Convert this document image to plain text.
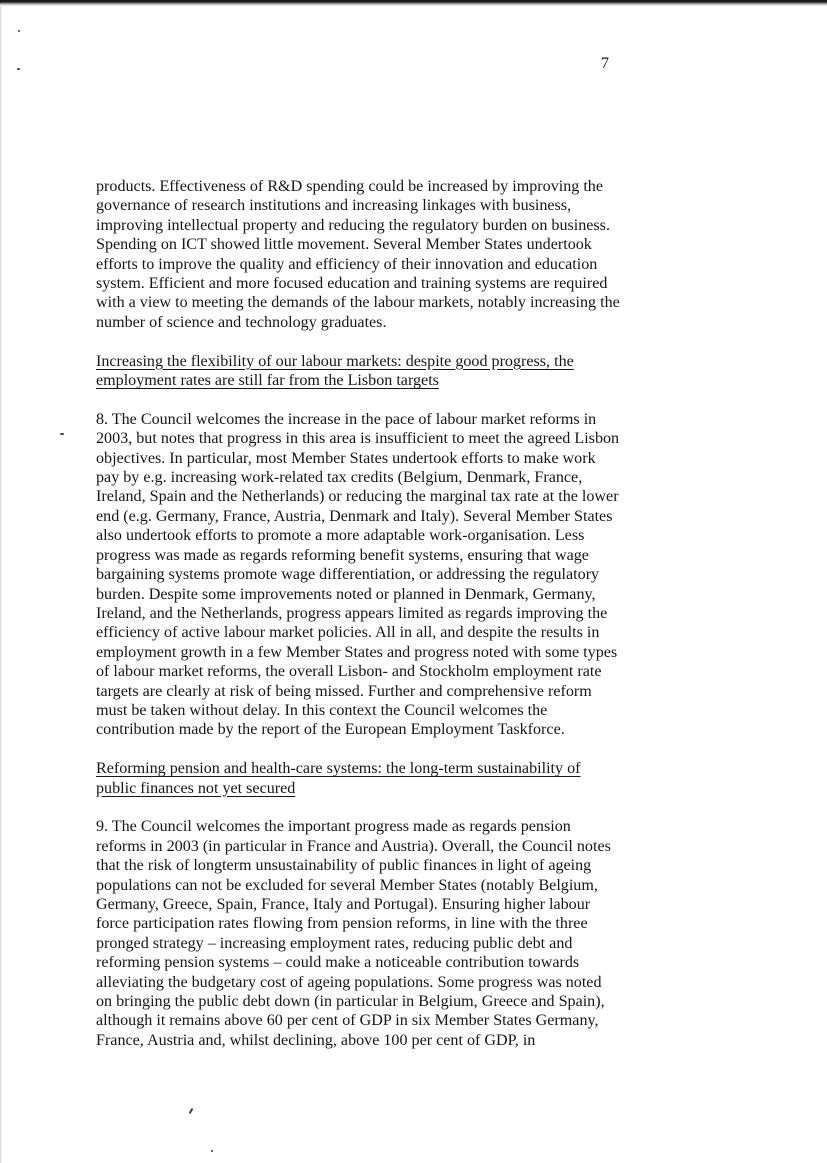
7

products. Effectiveness of R&D spending could be increased by improving the governance of research institutions and increasing linkages with business, improving intellectual property and reducing the regulatory burden on business. Spending on ICT showed little movement. Several Member States undertook efforts to improve the quality and efficiency of their innovation and education system. Efficient and more focused education and training systems are required with a view to meeting the demands of the labour markets, notably increasing the number of science and technology graduates.

Increasing the flexibility of our labour markets: despite good progress, the employment rates are still far from the Lisbon targets

8. The Council welcomes the increase in the pace of labour market reforms in 2003, but notes that progress in this area is insufficient to meet the agreed Lisbon objectives. In particular, most Member States undertook efforts to make work pay by e.g. increasing work-related tax credits (Belgium, Denmark, France, Ireland, Spain and the Netherlands) or reducing the marginal tax rate at the lower end (e.g. Germany, France, Austria, Denmark and Italy). Several Member States also undertook efforts to promote a more adaptable work-organisation. Less progress was made as regards reforming benefit systems, ensuring that wage bargaining systems promote wage differentiation, or addressing the regulatory burden. Despite some improvements noted or planned in Denmark, Germany, Ireland, and the Netherlands, progress appears limited as regards improving the efficiency of active labour market policies. All in all, and despite the results in employment growth in a few Member States and progress noted with some types of labour market reforms, the overall Lisbon- and Stockholm employment rate targets are clearly at risk of being missed. Further and comprehensive reform must be taken without delay. In this context the Council welcomes the contribution made by the report of the European Employment Taskforce.

Reforming pension and health-care systems: the long-term sustainability of public finances not yet secured

9. The Council welcomes the important progress made as regards pension reforms in 2003 (in particular in France and Austria). Overall, the Council notes that the risk of longterm unsustainability of public finances in light of ageing populations can not be excluded for several Member States (notably Belgium, Germany, Greece, Spain, France, Italy and Portugal). Ensuring higher labour force participation rates flowing from pension reforms, in line with the three pronged strategy – increasing employment rates, reducing public debt and reforming pension systems – could make a noticeable contribution towards alleviating the budgetary cost of ageing populations. Some progress was noted on bringing the public debt down (in particular in Belgium, Greece and Spain), although it remains above 60 per cent of GDP in six Member States Germany, France, Austria and, whilst declining, above 100 per cent of GDP, in
